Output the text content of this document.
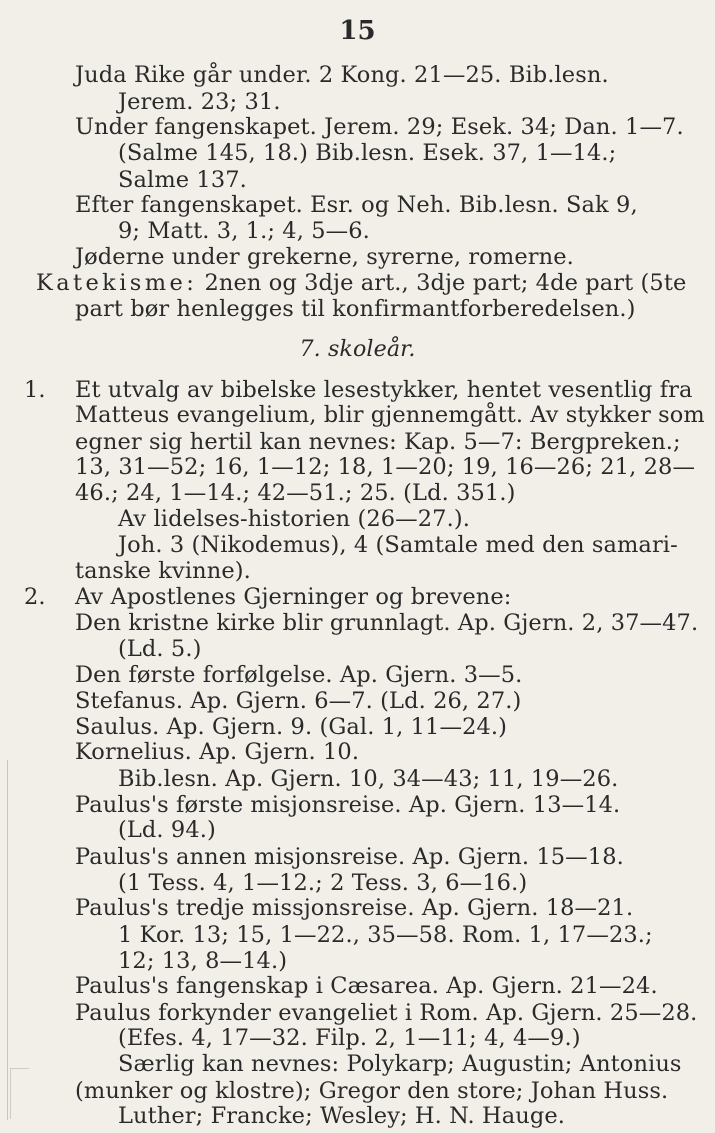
15
Juda Rike går under. 2 Kong. 21—25. Bib.lesn.
Jerem. 23; 31.
Under fangenskapet. Jerem. 29; Esek. 34; Dan. 1—7.
(Salme 145, 18.) Bib.lesn. Esek. 37, 1—14.;
Salme 137.
Efter fangenskapet. Esr. og Neh. Bib.lesn. Sak 9,
9; Matt. 3, 1.; 4, 5—6.
Jøderne under grekerne, syrerne, romerne.
Katekisme: 2nen og 3dje art., 3dje part; 4de part (5te
part bør henlegges til konfirmantforberedelsen.)
7. skoleår.
1. Et utvalg av bibelske lesestykker, hentet vesentlig fra
Matteus evangelium, blir gjennemgått. Av stykker som
egner sig hertil kan nevnes: Kap. 5—7: Bergpreken.;
13, 31—52; 16, 1—12; 18, 1—20; 19, 16—26; 21, 28—
46.; 24, 1—14.; 42—51.; 25. (Ld. 351.)
Av lidelses-historien (26—27.).
Joh. 3 (Nikodemus), 4 (Samtale med den samari-
tanske kvinne).
2. Av Apostlenes Gjerninger og brevene:
Den kristne kirke blir grunnlagt. Ap. Gjern. 2, 37—47.
(Ld. 5.)
Den første forfølgelse. Ap. Gjern. 3—5.
Stefanus. Ap. Gjern. 6—7. (Ld. 26, 27.)
Saulus. Ap. Gjern. 9. (Gal. 1, 11—24.)
Kornelius. Ap. Gjern. 10.
Bib.lesn. Ap. Gjern. 10, 34—43; 11, 19—26.
Paulus's første misjonsreise. Ap. Gjern. 13—14.
(Ld. 94.)
Paulus's annen misjonsreise. Ap. Gjern. 15—18.
(1 Tess. 4, 1—12.; 2 Tess. 3, 6—16.)
Paulus's tredje missjonsreise. Ap. Gjern. 18—21.
1 Kor. 13; 15, 1—22., 35—58. Rom. 1, 17—23.;
12; 13, 8—14.)
Paulus's fangenskap i Cæsarea. Ap. Gjern. 21—24.
Paulus forkynder evangeliet i Rom. Ap. Gjern. 25—28.
(Efes. 4, 17—32. Filp. 2, 1—11; 4, 4—9.)
Særlig kan nevnes: Polykarp; Augustin; Antonius
(munker og klostre); Gregor den store; Johan Huss.
Luther; Francke; Wesley; H. N. Hauge.
